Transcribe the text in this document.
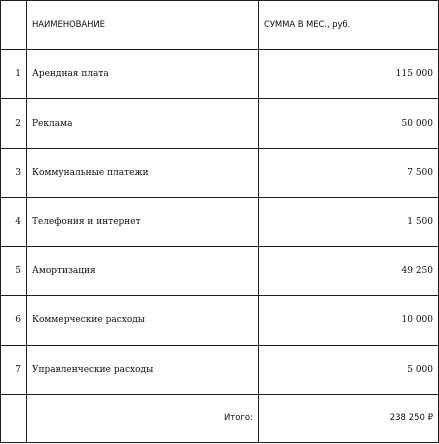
	НАИМЕНОВАНИЕ	СУММА В МЕС., руб.
1	Арендная плата	115 000
2	Реклама	50 000
3	Коммунальные платежи	7 500
4	Телефония и интернет	1 500
5	Амортизация	49 250
6	Коммерческие расходы	10 000
7	Управленческие расходы	5 000
	Итого:	238 250 ₽
